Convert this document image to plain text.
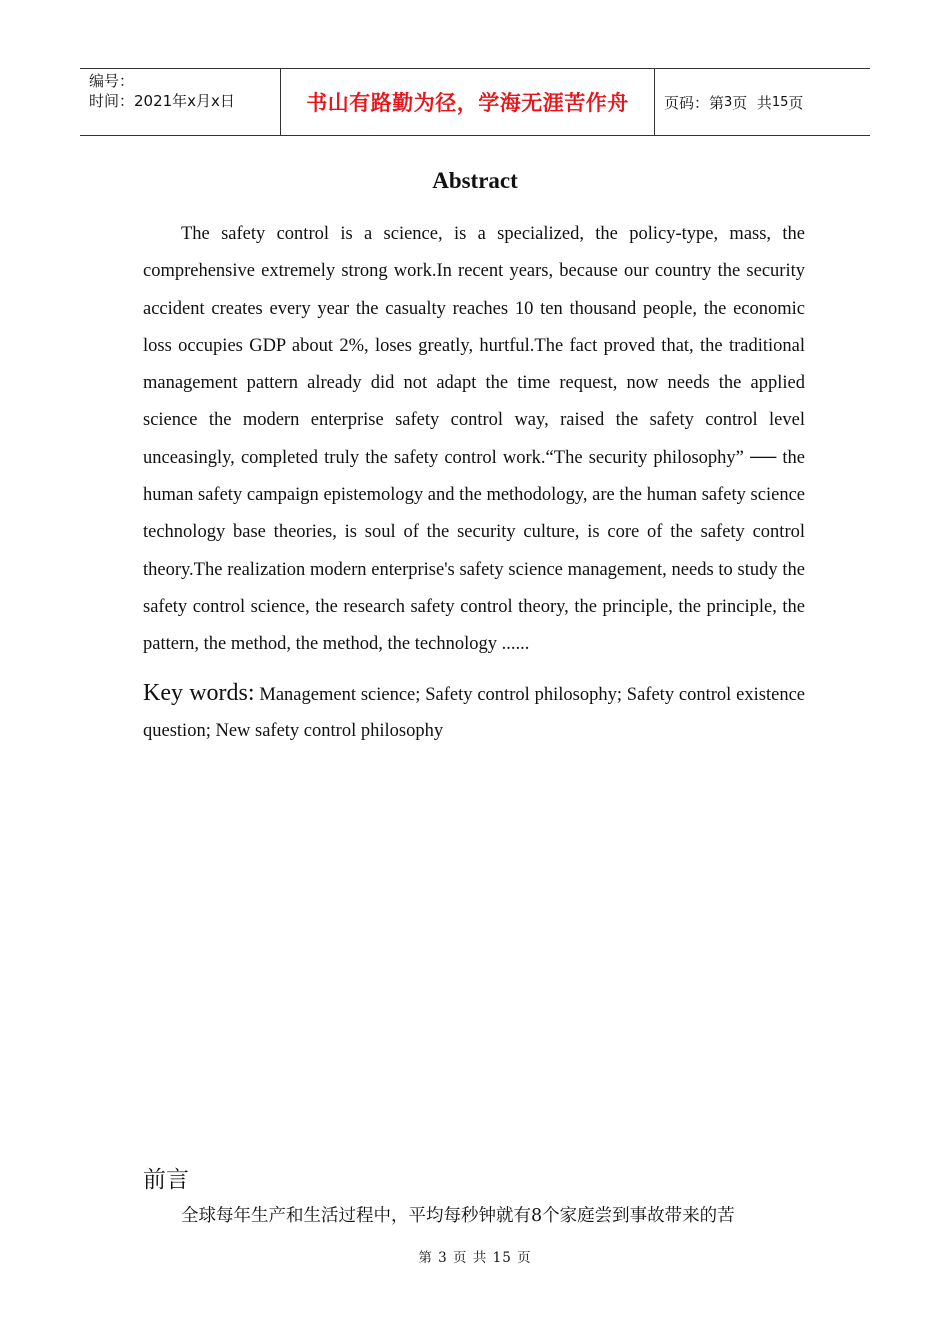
编号：
时间：2021年x月x日	书山有路勤为径，学海无涯苦作舟	页码：第 3 页  共 15 页
Abstract

The safety control is a science, is a specialized, the policy-type, mass, the comprehensive extremely strong work.In recent years, because our country the security accident creates every year the casualty reaches 10 ten thousand people, the economic loss occupies GDP about 2%, loses greatly, hurtful.The fact proved that, the traditional management pattern already did not adapt the time request, now needs the applied science the modern enterprise safety control way, raised the safety control level unceasingly, completed truly the safety control work.“The security philosophy” ── the human safety campaign epistemology and the methodology, are the human safety science technology base theories, is soul of the security culture, is core of the safety control theory.The realization modern enterprise's safety science management, needs to study the safety control science, the research safety control theory, the principle, the principle, the pattern, the method, the method, the technology ......

Key words: Management science; Safety control philosophy; Safety control existence question; New safety control philosophy

前言

全球每年生产和生活过程中，平均每秒钟就有8个家庭尝到事故带来的苦

第 3 页 共 15 页
